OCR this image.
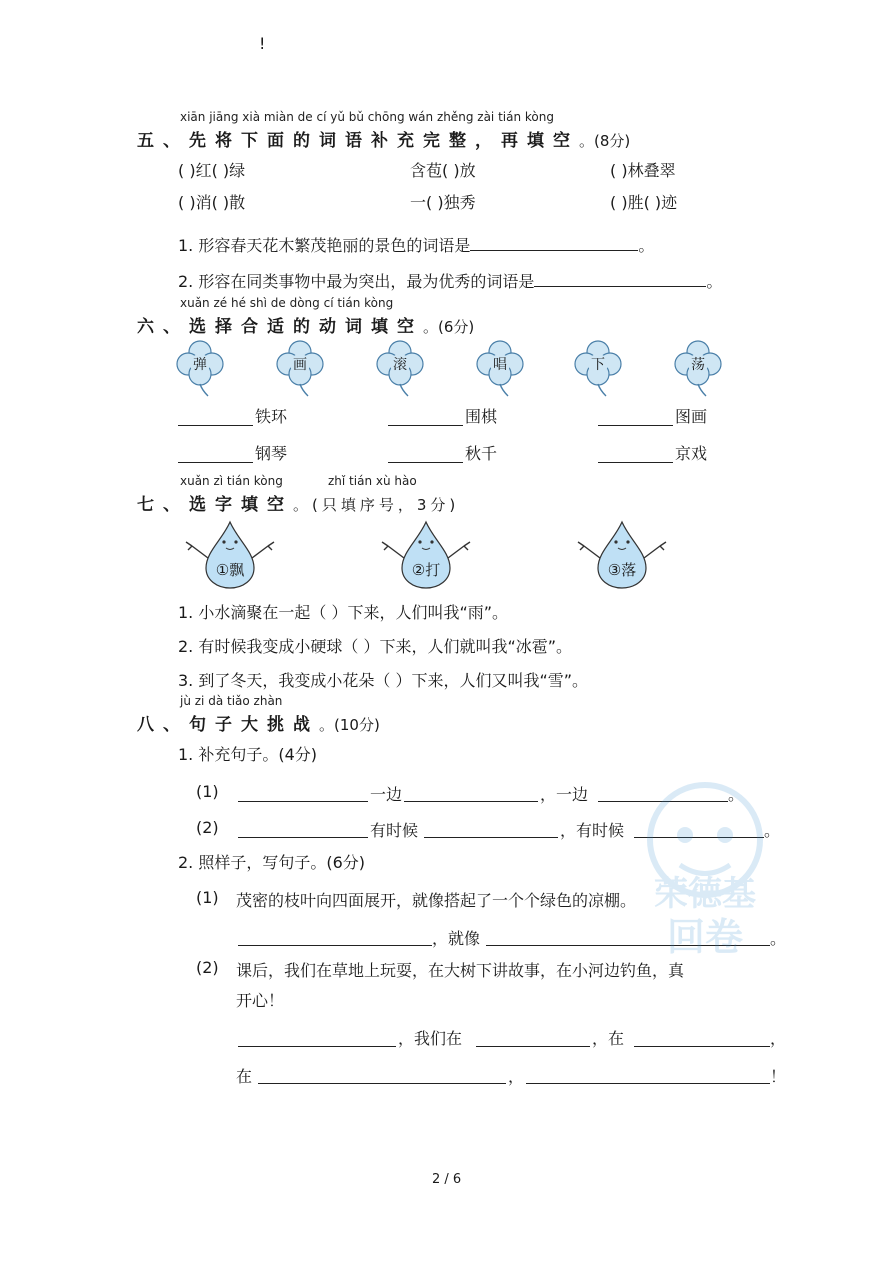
!
xiān jiāng xià miàn de cí yǔ bǔ chōng wán zhěng zài tián kòng
五、先将下面的词语补充完整，再填空。(8分)
( )红( )绿	含苞( )放	( )林叠翠
( )消( )散	一( )独秀	( )胜( )迹
1. 形容春天花木繁茂艳丽的景色的词语是	。
2. 形容在同类事物中最为突出，最为优秀的词语是	。
xuǎn zé hé shì de dòng cí tián kòng
六、选择合适的动词填空。(6分)
弹	画	滚	唱	下	荡
铁环	围棋	图画
钢琴	秋千	京戏
xuǎn zì tián kòng	zhǐ tián xù hào
七、选字填空。(只填序号，3分)
①飘	②打	③落
1. 小水滴聚在一起（ ）下来，人们叫我“雨”。
2. 有时候我变成小硬球（ ）下来，人们就叫我“冰雹”。
3. 到了冬天，我变成小花朵（ ）下来，人们又叫我“雪”。
jù zi dà tiǎo zhàn
八、句子大挑战。(10分)
1. 补充句子。(4分)
(1)	一边	，一边	。
(2)	有时候	，有时候	。
2. 照样子，写句子。(6分)
(1) 茂密的枝叶向四面展开，就像搭起了一个个绿色的凉棚。
，就像	。
(2) 课后，我们在草地上玩耍，在大树下讲故事，在小河边钓鱼，真
开心！
，我们在	，在	，
在	，	！
荣德基
回卷
2 / 6
